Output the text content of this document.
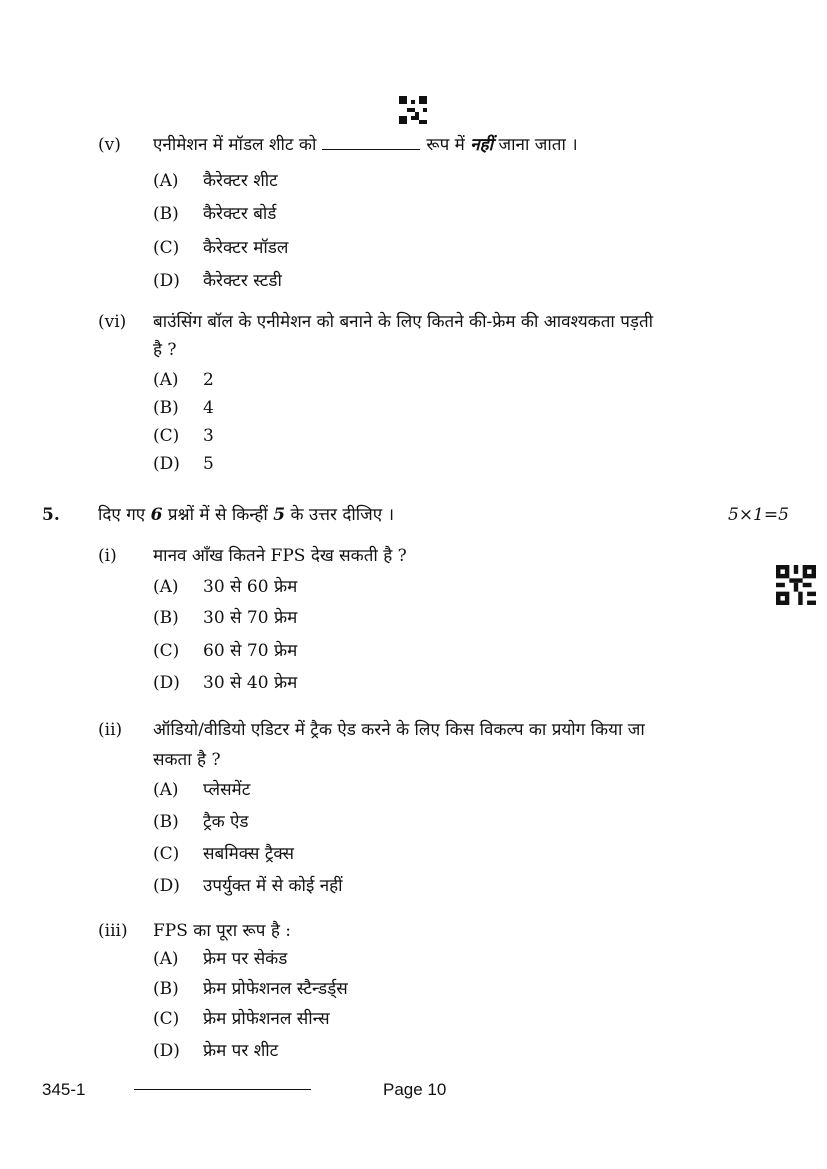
(v) एनीमेशन में मॉडल शीट को	रूप में नहीं जाना जाता ।
(A) कैरेक्टर शीट
(B) कैरेक्टर बोर्ड
(C) कैरेक्टर मॉडल
(D) कैरेक्टर स्टडी
(vi) बाउंसिंग बॉल के एनीमेशन को बनाने के लिए कितने की-फ्रेम की आवश्यकता पड़ती
है ?
(A) 2
(B) 4
(C) 3
(D) 5
5. दिए गए 6 प्रश्नों में से किन्हीं 5 के उत्तर दीजिए ।	5×1=5
(i) मानव आँख कितने FPS देख सकती है ?
(A) 30 से 60 फ्रेम
(B) 30 से 70 फ्रेम
(C) 60 से 70 फ्रेम
(D) 30 से 40 फ्रेम
(ii) ऑडियो/वीडियो एडिटर में ट्रैक ऐड करने के लिए किस विकल्प का प्रयोग किया जा
सकता है ?
(A) प्लेसमेंट
(B) ट्रैक ऐड
(C) सबमिक्स ट्रैक्स
(D) उपर्युक्त में से कोई नहीं
(iii) FPS का पूरा रूप है :
(A) फ्रेम पर सेकंड
(B) फ्रेम प्रोफेशनल स्टैन्डर्ड्स
(C) फ्रेम प्रोफेशनल सीन्स
(D) फ्रेम पर शीट
345-1	Page 10
